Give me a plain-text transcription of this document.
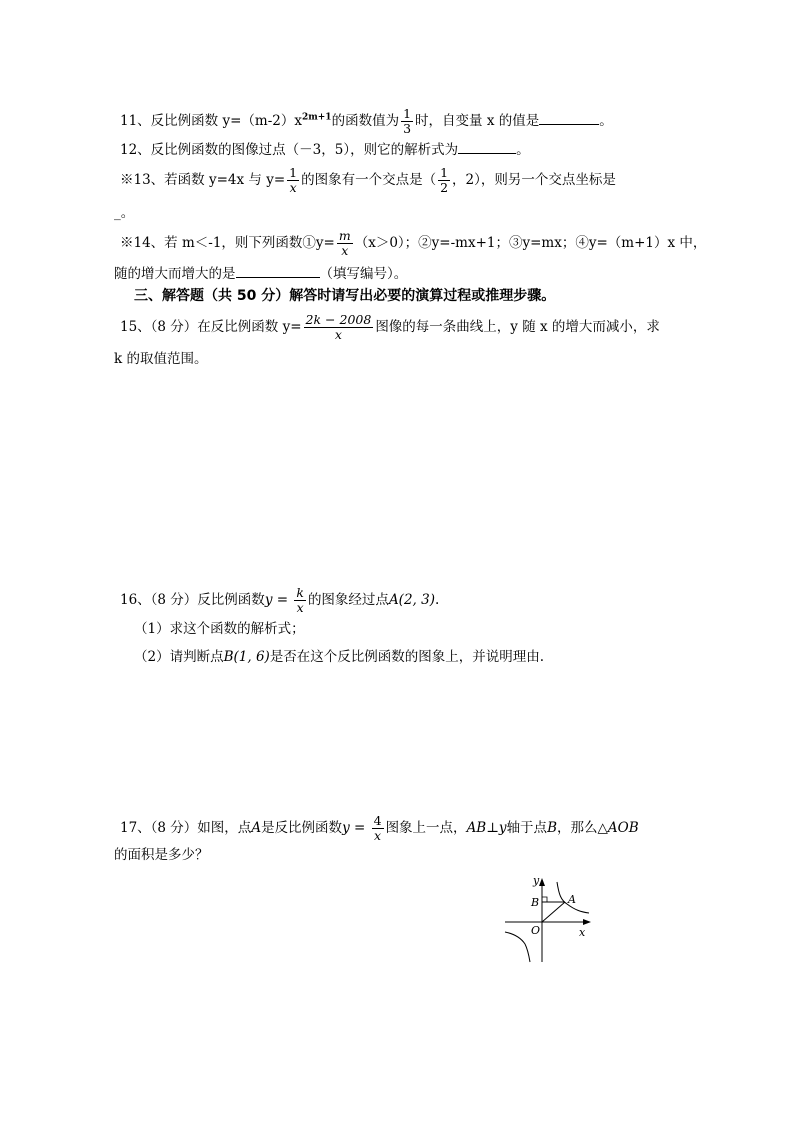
11、反比例函数 $y=(m-2)x^{2m+1}$的函数值为 $\frac{1}{3}$ 时，自变量 x 的值是	。
12、反比例函数的图像过点（－3，5），则它的解析式为	。
※13、若函数 y=4x 与 $y= \frac{1}{x}$ 的图象有一个交点是（ $\frac{1}{2}$ ，2），则另一个交点坐标是
_。
※14、若 m＜-1，则下列函数①y= $\frac{m}{x} (x>0)$；②y=-mx+1；③y=mx；④y=（m+1）x 中，
随的增大而增大的是	（填写编号）。
三、解答题（共 50 分）解答时请写出必要的演算过程或推理步骤。
15、（8 分）在反比例函数 $y= \frac{2k - 2008}{x}$ 图像的每一条曲线上，y 随 x 的增大而减小，求
k 的取值范围。
16、（8 分）反比例函数$y = \frac{k}{x}$ 的图象经过点A(2, 3).
（1）求这个函数的解析式；
（2）请判断点B(1, 6)是否在这个反比例函数的图象上，并说明理由.
17、（8 分）如图，点A是反比例函数$y = \frac{4}{x}$ 图象上一点，AB⊥y轴于点B，那么△AOB
的面积是多少？
y
x
O
A
B
